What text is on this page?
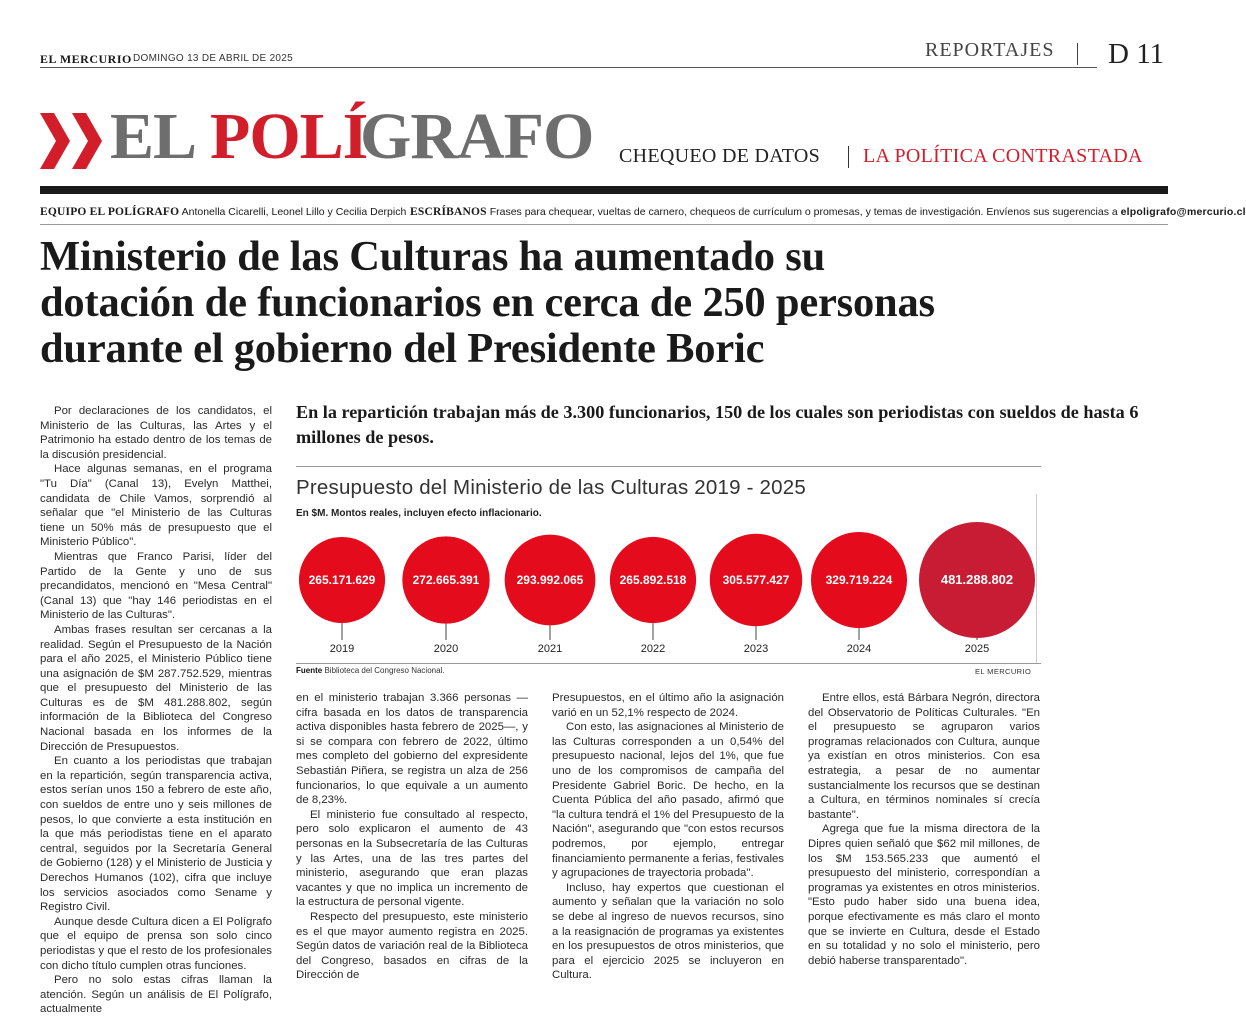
EL MERCURIO DOMINGO 13 DE ABRIL DE 2025	REPORTAJES D 11
EL POLÍ
GRAFO CHEQUEO DE DATOS LA POLÍTICA CONTRASTADA
EQUIPO EL POLÍGRAFO Antonella Cicarelli, Leonel Lillo y Cecilia Derpich ESCRÍBANOS Frases para chequear, vueltas de carnero, chequeos de currículum o promesas, y temas de investigación. Envíenos sus sugerencias a elpoligrafo@mercurio.cl
Ministerio de las Culturas ha aumentado su
dotación de funcionarios en cerca de 250 personas
durante el gobierno del Presidente Boric

Por declaraciones de los candidatos, el Ministerio de las Culturas, las Artes y el Patrimonio ha estado dentro de los temas de la discusión presidencial.

Hace algunas semanas, en el programa "Tu Día" (Canal 13), Evelyn Matthei, candidata de Chile Vamos, sorprendió al señalar que "el Ministerio de las Culturas tiene un 50% más de presupuesto que el Ministerio Público".

Mientras que Franco Parisi, líder del Partido de la Gente y uno de sus precandidatos, mencionó en "Mesa Central" (Canal 13) que "hay 146 periodistas en el Ministerio de las Culturas".

Ambas frases resultan ser cercanas a la realidad. Según el Presupuesto de la Nación para el año 2025, el Ministerio Público tiene una asignación de $M 287.752.529, mientras que el presupuesto del Ministerio de las Culturas es de $M 481.288.802, según información de la Biblioteca del Congreso Nacional basada en los informes de la Dirección de Presupuestos.

En cuanto a los periodistas que trabajan en la repartición, según transparencia activa, estos serían unos 150 a febrero de este año, con sueldos de entre uno y seis millones de pesos, lo que convierte a esta institución en la que más periodistas tiene en el aparato central, seguidos por la Secretaría General de Gobierno (128) y el Ministerio de Justicia y Derechos Humanos (102), cifra que incluye los servicios asociados como Sename y Registro Civil.

Aunque desde Cultura dicen a El Polígrafo que el equipo de prensa son solo cinco periodistas y que el resto de los profesionales con dicho título cumplen otras funciones.

Pero no solo estas cifras llaman la atención. Según un análisis de El Polígrafo, actualmente

En la repartición trabajan más de 3.300 funcionarios, 150 de los cuales son periodistas con sueldos de hasta 6 millones de pesos.
Presupuesto del Ministerio de las Culturas 2019 - 2025
En $M. Montos reales, incluyen efecto inflacionario.
265.171.629
2019
272.665.391
2020
293.992.065
2021
265.892.518
2022
305.577.427
2023
329.719.224
2024
481.288.802
2025
Fuente Biblioteca del Congreso Nacional.	EL MERCURIO

en el ministerio trabajan 3.366 personas —cifra basada en los datos de transparencia activa disponibles hasta febrero de 2025—, y si se compara con febrero de 2022, último mes completo del gobierno del expresidente Sebastián Piñera, se registra un alza de 256 funcionarios, lo que equivale a un aumento de 8,23%.

El ministerio fue consultado al respecto, pero solo explicaron el aumento de 43 personas en la Subsecretaría de las Culturas y las Artes, una de las tres partes del ministerio, asegurando que eran plazas vacantes y que no implica un incremento de la estructura de personal vigente.

Respecto del presupuesto, este ministerio es el que mayor aumento registra en 2025. Según datos de variación real de la Biblioteca del Congreso, basados en cifras de la Dirección de

Presupuestos, en el último año la asignación varió en un 52,1% respecto de 2024.

Con esto, las asignaciones al Ministerio de las Culturas corresponden a un 0,54% del presupuesto nacional, lejos del 1%, que fue uno de los compromisos de campaña del Presidente Gabriel Boric. De hecho, en la Cuenta Pública del año pasado, afirmó que "la cultura tendrá el 1% del Presupuesto de la Nación", asegurando que "con estos recursos podremos, por ejemplo, entregar financiamiento permanente a ferias, festivales y agrupaciones de trayectoria probada".

Incluso, hay expertos que cuestionan el aumento y señalan que la variación no solo se debe al ingreso de nuevos recursos, sino a la reasignación de programas ya existentes en los presupuestos de otros ministerios, que para el ejercicio 2025 se incluyeron en Cultura.

Entre ellos, está Bárbara Negrón, directora del Observatorio de Políticas Culturales. "En el presupuesto se agruparon varios programas relacionados con Cultura, aunque ya existían en otros ministerios. Con esa estrategia, a pesar de no aumentar sustancialmente los recursos que se destinan a Cultura, en términos nominales sí crecía bastante".

Agrega que fue la misma directora de la Dipres quien señaló que $62 mil millones, de los $M 153.565.233 que aumentó el presupuesto del ministerio, correspondían a programas ya existentes en otros ministerios. "Esto pudo haber sido una buena idea, porque efectivamente es más claro el monto que se invierte en Cultura, desde el Estado en su totalidad y no solo el ministerio, pero debió haberse transparentado".
